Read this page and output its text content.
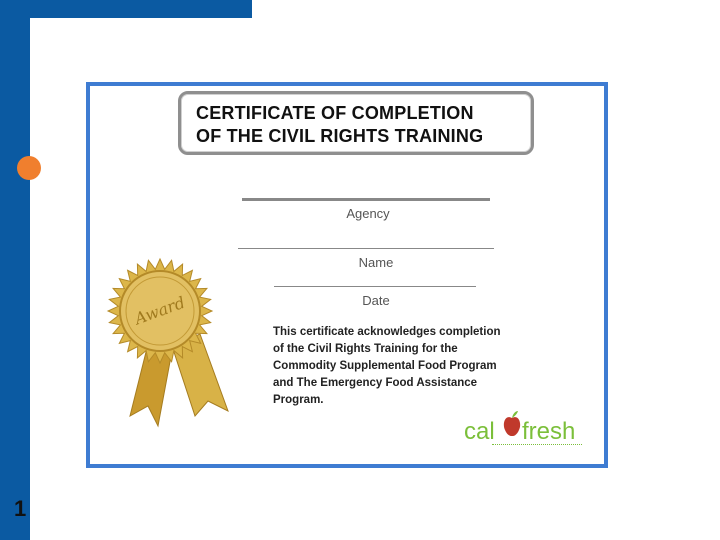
1
CERTIFICATE OF COMPLETION
OF THE CIVIL RIGHTS TRAINING
Agency
Name
Date
This certificate acknowledges completion
of the Civil Rights Training for the
Commodity Supplemental Food Program
and The Emergency Food Assistance
Program.
Award
cal fresh
